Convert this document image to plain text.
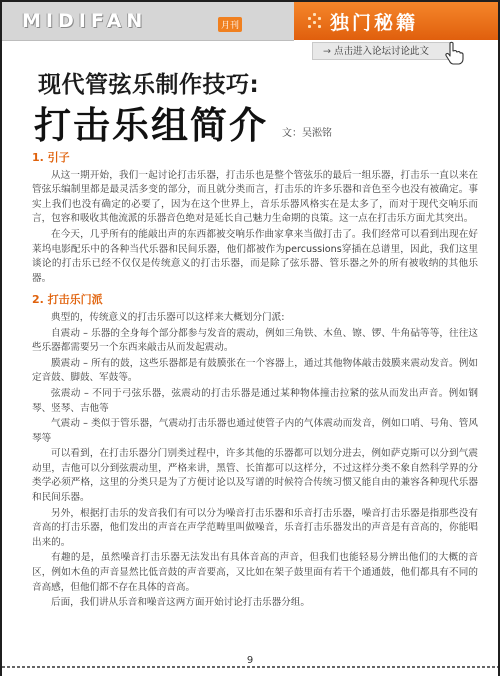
MIDIFAN	月刊	独门秘籍
→ 点击进入论坛讨论此文
现代管弦乐制作技巧:
打击乐组简介 文：吴淞铭
1. 引子

从这一期开始，我们一起讨论打击乐器，打击乐也是整个管弦乐的最后一组乐器，打击乐一直以来在管弦乐编制里都是最灵活多变的部分，而且就分类而言，打击乐的许多乐器和音色至今也没有被确定。事实上我们也没有确定的必要了，因为在这个世界上，音乐乐器风格实在是太多了，而对于现代交响乐而言，包容和吸收其他流派的乐器音色绝对是延长自己魅力生命期的良策。这一点在打击乐方面尤其突出。

在今天，几乎所有的能敲出声的东西都被交响乐作曲家拿来当做打击了。我们经常可以看到出现在好莱坞电影配乐中的各种当代乐器和民间乐器，他们都被作为percussions穿插在总谱里，因此，我们这里谈论的打击乐已经不仅仅是传统意义的打击乐器，而是除了弦乐器、管乐器之外的所有被收纳的其他乐器。

2. 打击乐门派

典型的，传统意义的打击乐器可以这样来大概划分门派:

自震动 – 乐器的全身每个部分都参与发音的震动，例如三角铁、木鱼、镲、锣、牛角砧等等，往往这些乐器都需要另一个东西来敲击从而发起震动。

膜震动 – 所有的鼓，这些乐器都是有鼓膜张在一个容器上，通过其他物体敲击鼓膜来震动发音。例如定音鼓、脚鼓、军鼓等。

弦震动 – 不同于弓弦乐器，弦震动的打击乐器是通过某种物体撞击拉紧的弦从而发出声音。例如钢琴、竖琴、吉他等

气震动 – 类似于管乐器，气震动打击乐器也通过使管子内的气体震动而发音，例如口哨、号角、管风琴等

可以看到，在打击乐器分门别类过程中，许多其他的乐器都可以划分进去，例如萨克斯可以分到气震动里，吉他可以分到弦震动里，严格来讲，黑管、长笛都可以这样分，不过这样分类不象自然科学界的分类学必须严格，这里的分类只是为了方便讨论以及写谱的时候符合传统习惯又能自由的兼容各种现代乐器和民间乐器。

另外，根据打击乐的发音我们有可以分为噪音打击乐器和乐音打击乐器，噪音打击乐器是指那些没有音高的打击乐器，他们发出的声音在声学范畴里叫做噪音，乐音打击乐器发出的声音是有音高的，你能唱出来的。

有趣的是，虽然噪音打击乐器无法发出有具体音高的声音，但我们也能轻易分辨出他们的大概的音区，例如木鱼的声音显然比低音鼓的声音要高，又比如在架子鼓里面有若干个通通鼓，他们都具有不同的音高感，但他们都不存在具体的音高。

后面，我们讲从乐音和噪音这两方面开始讨论打击乐器分组。

9
